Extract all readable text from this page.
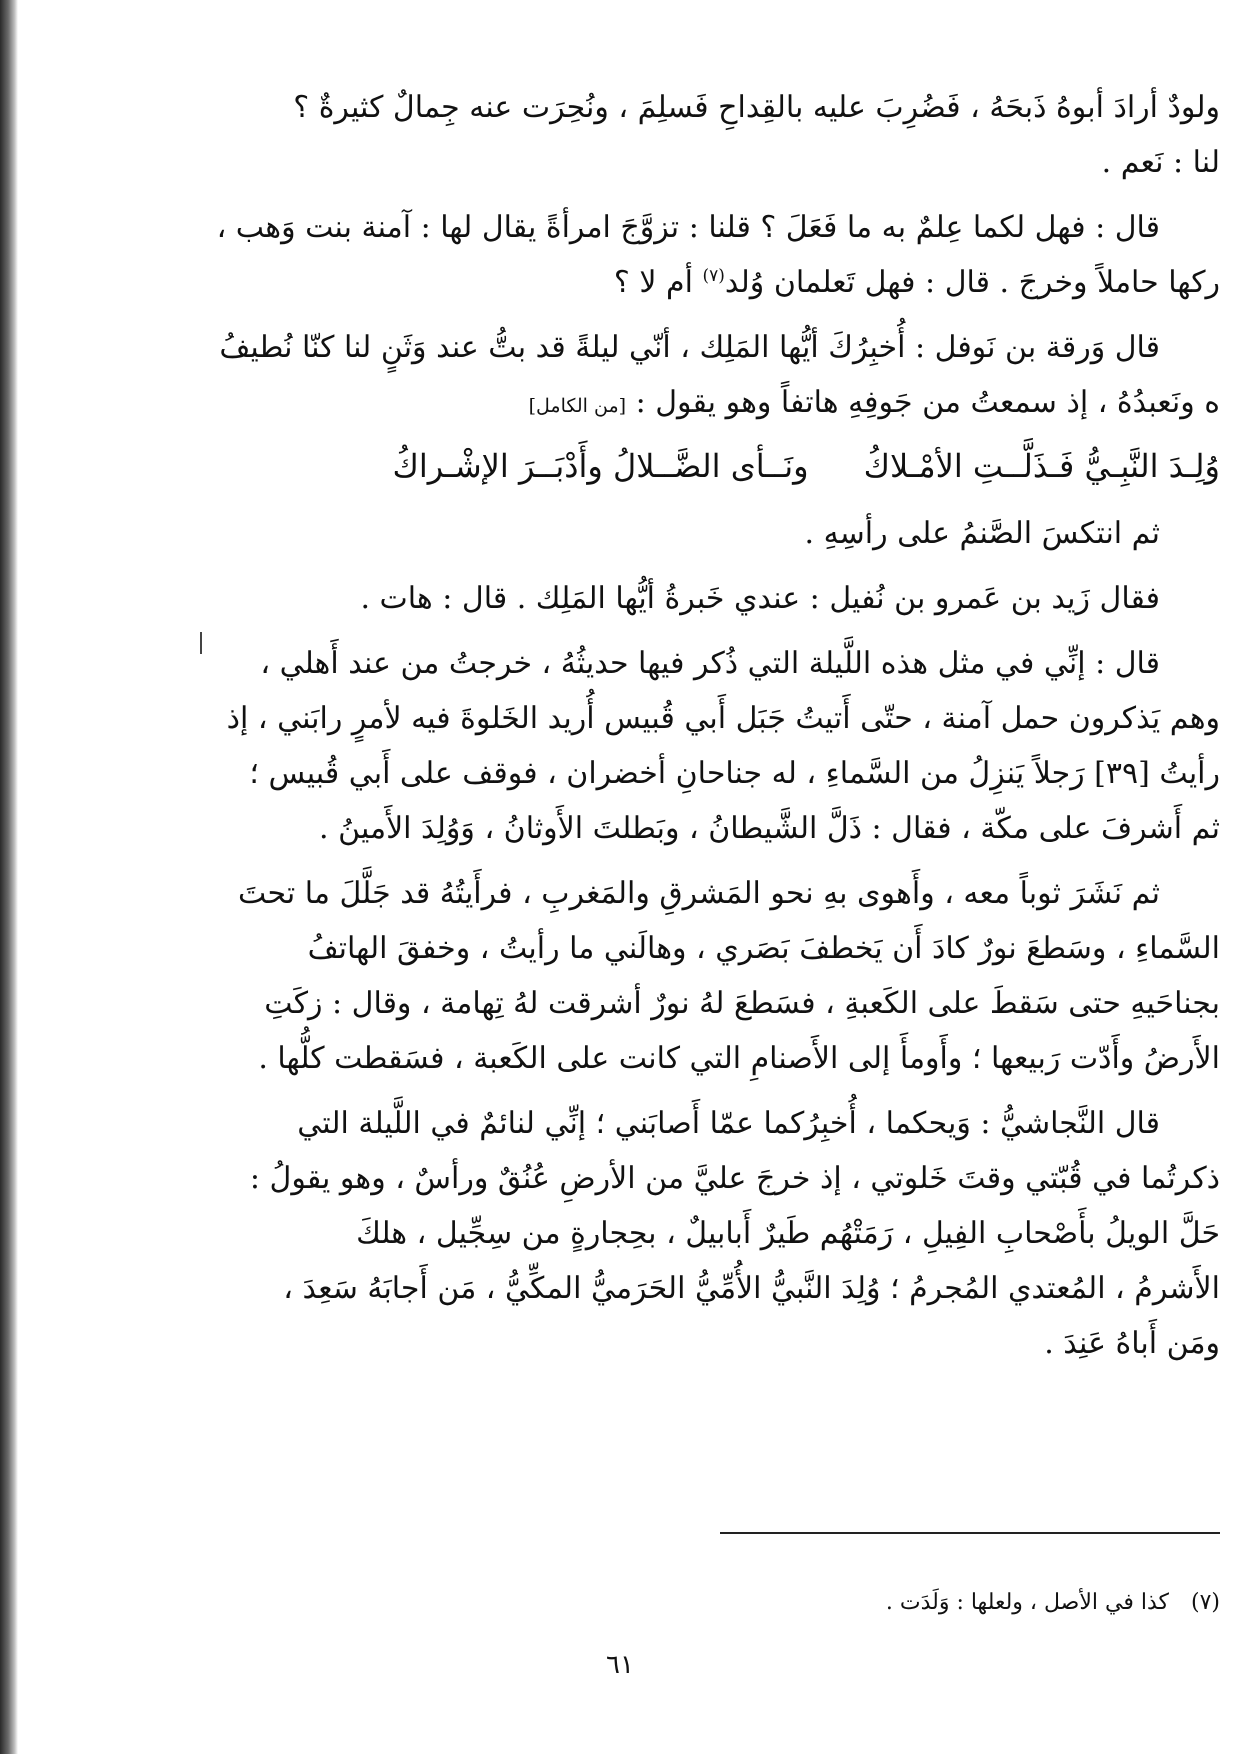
ولودٌ أرادَ أبوهُ ذَبحَهُ ، فَضُرِبَ عليه بالقِداحِ فَسلِمَ ، ونُحِرَت عنه جِمالٌ كثيرةٌ ؟
لنا : نَعم .
قال : فهل لكما عِلمٌ به ما فَعَلَ ؟ قلنا : تزوَّجَ امرأةً يقال لها : آمنة بنت وَهب ،
ركها حاملاً وخرجَ . قال : فهل تَعلمان وُلد$^{(٧)}$ أم لا ؟
قال وَرقة بن نَوفل : أُخبِرُكَ أيُّها المَلِك ، أنّي ليلةً قد بتُّ عند وَثَنٍ لنا كنّا نُطيفُ
ه ونَعبدُهُ ، إذ سمعتُ من جَوفِهِ هاتفاً وهو يقول : [من الكامل]
وُلِـدَ النَّبِـيُّ فَـذَلَّــتِ الأمْـلاكُ
ونَــأى الضَّــلالُ وأَدْبَــرَ الإشْـراكُ
ثم انتكسَ الصَّنمُ على رأسِهِ .
فقال زَيد بن عَمرو بن نُفيل : عندي خَبرةُ أيُّها المَلِك . قال : هات .
قال : إنِّي في مثل هذه اللَّيلة التي ذُكر فيها حديثُهُ ، خرجتُ من عند أَهلي ،
وهم يَذكرون حمل آمنة ، حتّى أَتيتُ جَبَل أَبي قُبيس أُريد الخَلوةَ فيه لأمرٍ رابَني ، إذ
رأيتُ [٣٩] رَجلاً يَنزِلُ من السَّماءِ ، له جناحانِ أخضران ، فوقف على أَبي قُبيس ؛
ثم أَشرفَ على مكّة ، فقال : ذَلَّ الشَّيطانُ ، وبَطلتَ الأَوثانُ ، وَوُلِدَ الأَمينُ .
ثم نَشَرَ ثوباً معه ، وأَهوى بهِ نحو المَشرقِ والمَغربِ ، فرأَيتُهُ قد جَلَّلَ ما تحتَ
السَّماءِ ، وسَطعَ نورٌ كادَ أَن يَخطفَ بَصَري ، وهالَني ما رأيتُ ، وخفقَ الهاتفُ
بجناحَيهِ حتى سَقطَ على الكَعبةِ ، فسَطعَ لهُ نورٌ أشرقت لهُ تِهامة ، وقال : زكَتِ
الأَرضُ وأَدّت رَبيعها ؛ وأَومأَ إلى الأَصنامِ التي كانت على الكَعبة ، فسَقطت كلُّها .
قال النَّجاشيُّ : وَيحكما ، أُخبِرُكما عمّا أَصابَني ؛ إنِّي لنائمٌ في اللَّيلة التي
ذكرتُما في قُبّتي وقتَ خَلوتي ، إذ خرجَ عليَّ من الأرضِ عُنُقٌ ورأسٌ ، وهو يقولُ :
حَلَّ الويلُ بأَصْحابِ الفِيلِ ، رَمَتْهُم طَيرٌ أَبابيلٌ ، بحِجارةٍ من سِجِّيل ، هلكَ
الأَشرمُ ، المُعتدي المُجرمُ ؛ وُلِدَ النَّبيُّ الأُمِّيُّ الحَرَميُّ المكِّيُّ ، مَن أَجابَهُ سَعِدَ ،
ومَن أَباهُ عَنِدَ .
(٧)كذا في الأصل ، ولعلها : وَلَدَت .
٦١
